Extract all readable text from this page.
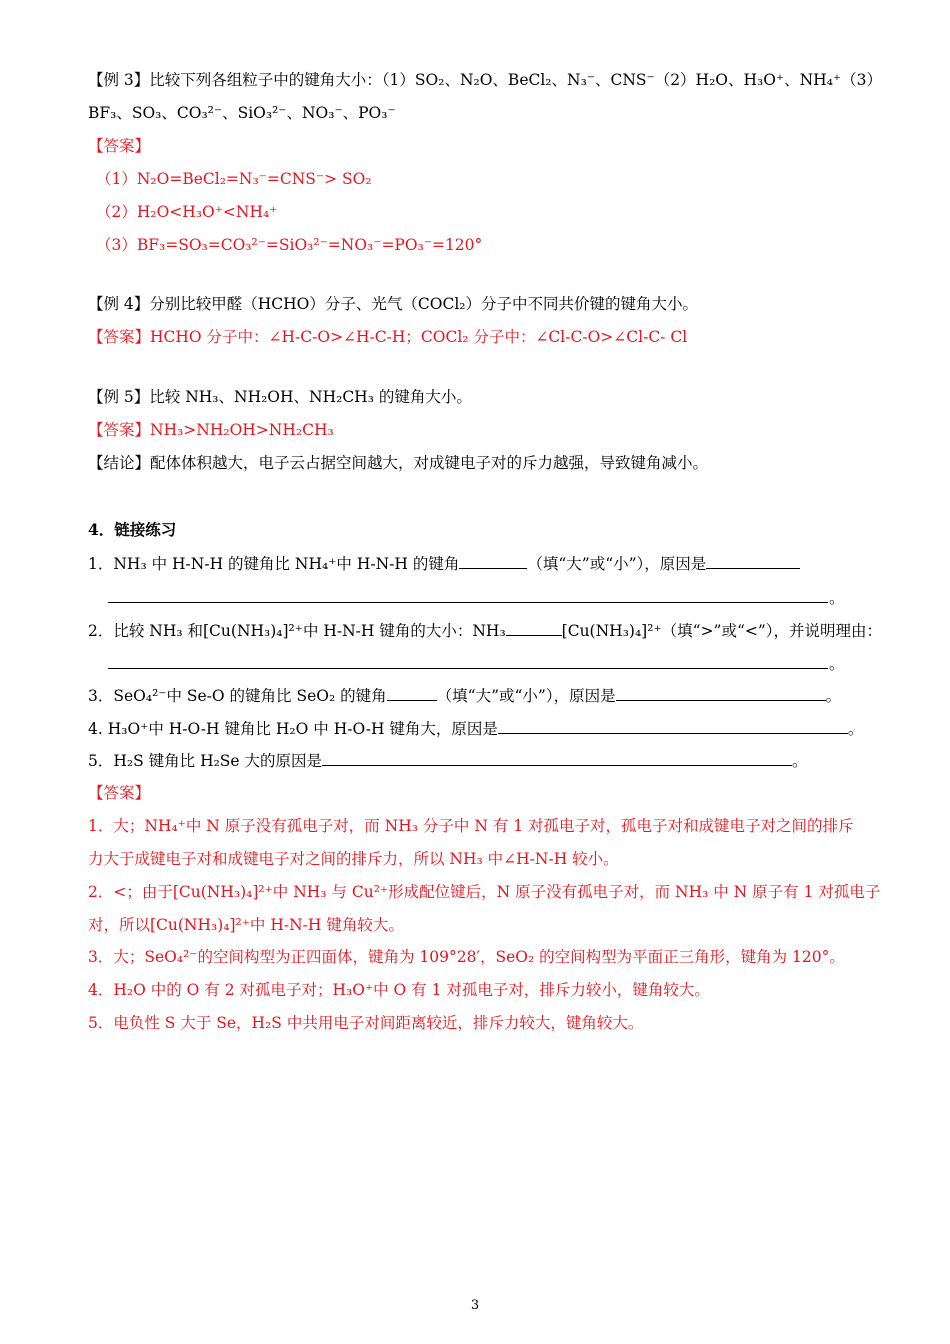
【例 3】比较下列各组粒子中的键角大小：（1）SO₂、N₂O、BeCl₂、N₃⁻、CNS⁻（2）H₂O、H₃O⁺、NH₄⁺（3）
BF₃、SO₃、CO₃²⁻、SiO₃²⁻、NO₃⁻、PO₃⁻
【答案】
（1）N₂O=BeCl₂=N₃⁻=CNS⁻> SO₂
（2）H₂O<H₃O⁺<NH₄⁺
（3）BF₃=SO₃=CO₃²⁻=SiO₃²⁻=NO₃⁻=PO₃⁻=120°
【例 4】分别比较甲醛（HCHO）分子、光气（COCl₂）分子中不同共价键的键角大小。
【答案】HCHO 分子中：∠H-C-O>∠H-C-H；COCl₂ 分子中：∠Cl-C-O>∠Cl-C- Cl
【例 5】比较 NH₃、NH₂OH、NH₂CH₃ 的键角大小。
【答案】NH₃>NH₂OH>NH₂CH₃
【结论】配体体积越大，电子云占据空间越大，对成键电子对的斥力越强，导致键角减小。
4．链接练习
1．NH₃ 中 H-N-H 的键角比 NH₄⁺中 H-N-H 的键角	（填“大”或“小”），原因是
。
2．比较 NH₃ 和[Cu(NH₃)₄]²⁺中 H-N-H 键角的大小：NH₃	[Cu(NH₃)₄]²⁺（填“>”或“<”），并说明理由：
。
3．SeO₄²⁻中 Se-O 的键角比 SeO₂ 的键角	（填“大”或“小”），原因是	。
4. H₃O⁺中 H-O-H 键角比 H₂O 中 H-O-H 键角大，原因是	。
5．H₂S 键角比 H₂Se 大的原因是	。
【答案】
1．大；NH₄⁺中 N 原子没有孤电子对，而 NH₃ 分子中 N 有 1 对孤电子对，孤电子对和成键电子对之间的排斥
力大于成键电子对和成键电子对之间的排斥力，所以 NH₃ 中∠H-N-H 较小。
2．<；由于[Cu(NH₃)₄]²⁺中 NH₃ 与 Cu²⁺形成配位键后，N 原子没有孤电子对，而 NH₃ 中 N 原子有 1 对孤电子
对，所以[Cu(NH₃)₄]²⁺中 H-N-H 键角较大。
3．大；SeO₄²⁻的空间构型为正四面体，键角为 109°28′，SeO₂ 的空间构型为平面正三角形，键角为 120°。
4．H₂O 中的 O 有 2 对孤电子对；H₃O⁺中 O 有 1 对孤电子对，排斥力较小，键角较大。
5．电负性 S 大于 Se，H₂S 中共用电子对间距离较近，排斥力较大，键角较大。
3
